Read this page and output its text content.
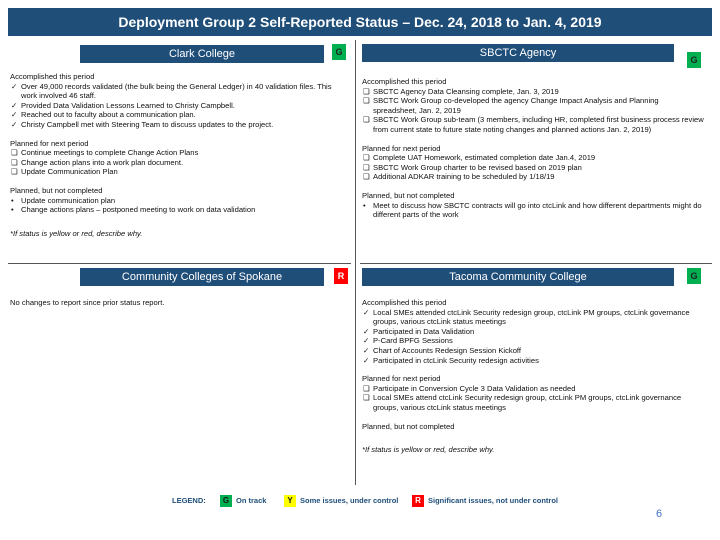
Deployment Group 2 Self-Reported Status – Dec. 24, 2018 to Jan. 4, 2019
Clark College	G
Accomplished this period
✓ Over 49,000 records validated (the bulk being the General Ledger) in 40 validation files. This work involved 46 staff.
✓ Provided Data Validation Lessons Learned to Christy Campbell.
✓ Reached out to faculty about a communication plan.
✓ Christy Campbell met with Steering Team to discuss updates to the project.
Planned for next period
❏ Continue meetings to complete Change Action Plans
❏ Change action plans into a work plan document.
❏ Update Communication Plan
Planned, but not completed
• Update communication plan
• Change actions plans – postponed meeting to work on data validation
*If status is yellow or red, describe why.
SBCTC Agency
G
Accomplished this period
❏ SBCTC Agency Data Cleansing complete, Jan. 3, 2019
❏ SBCTC Work Group co-developed the agency Change Impact Analysis and Planning spreadsheet, Jan. 2, 2019
❏ SBCTC Work Group sub-team (3 members, including HR, completed first business process review from current state to future state noting changes and planned actions Jan. 2, 2019)
Planned for next period
❏ Complete UAT Homework, estimated completion date Jan.4, 2019
❏ SBCTC Work Group charter to be revised based on 2019 plan
❏ Additional ADKAR training to be scheduled by 1/18/19
Planned, but not completed
• Meet to discuss how SBCTC contracts will go into ctcLink and how different departments might do different parts of the work
Community Colleges of Spokane	R
No changes to report since prior status report.
Tacoma Community College	G
Accomplished this period
✓ Local SMEs attended ctcLink Security redesign group, ctcLink PM groups, ctcLink governance groups, various ctcLink status meetings
✓ Participated in Data Validation
✓ P-Card BPFG Sessions
✓ Chart of Accounts Redesign Session Kickoff
✓ Participated in ctcLink Security redesign activities
Planned for next period
❏ Participate in Conversion Cycle 3 Data Validation as needed
❏ Local SMEs attend ctcLink Security redesign group, ctcLink PM groups, ctcLink governance groups, various ctcLink status meetings
Planned, but not completed
*If status is yellow or red, describe why.
LEGEND:	G On track	Y Some issues, under control	R Significant issues, not under control
6
